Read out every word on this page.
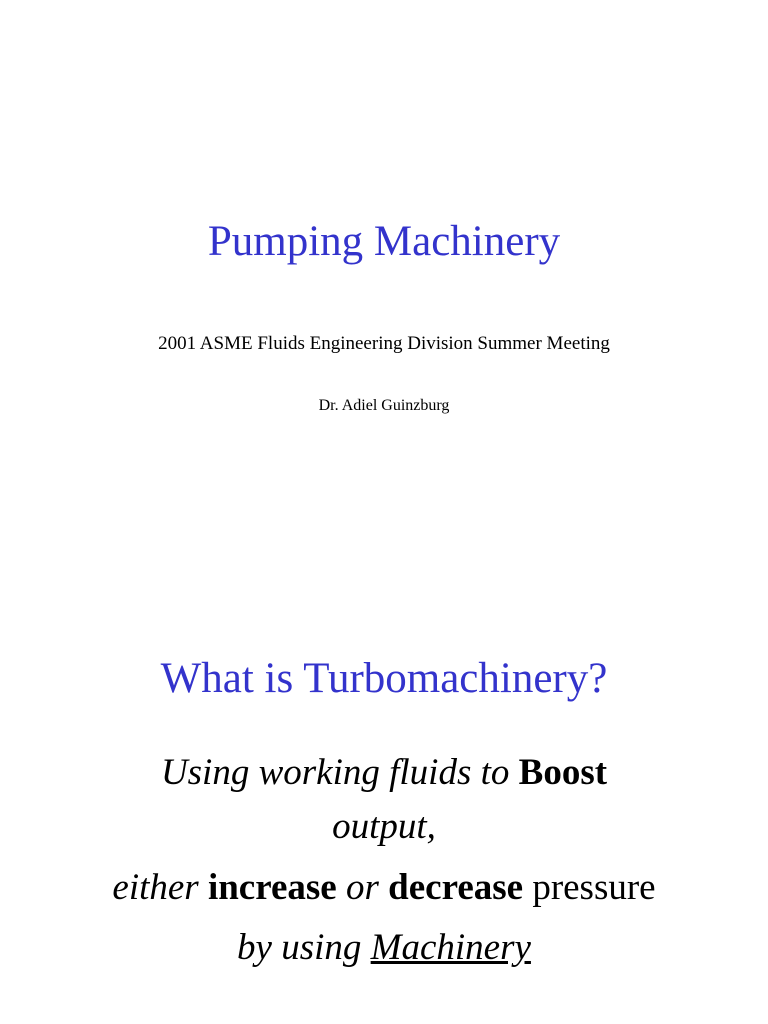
Pumping Machinery

2001 ASME Fluids Engineering Division Summer Meeting

Dr. Adiel Guinzburg

What is Turbomachinery?

Using working fluids to Boost

output,

either increase or decrease pressure

by using Machinery
